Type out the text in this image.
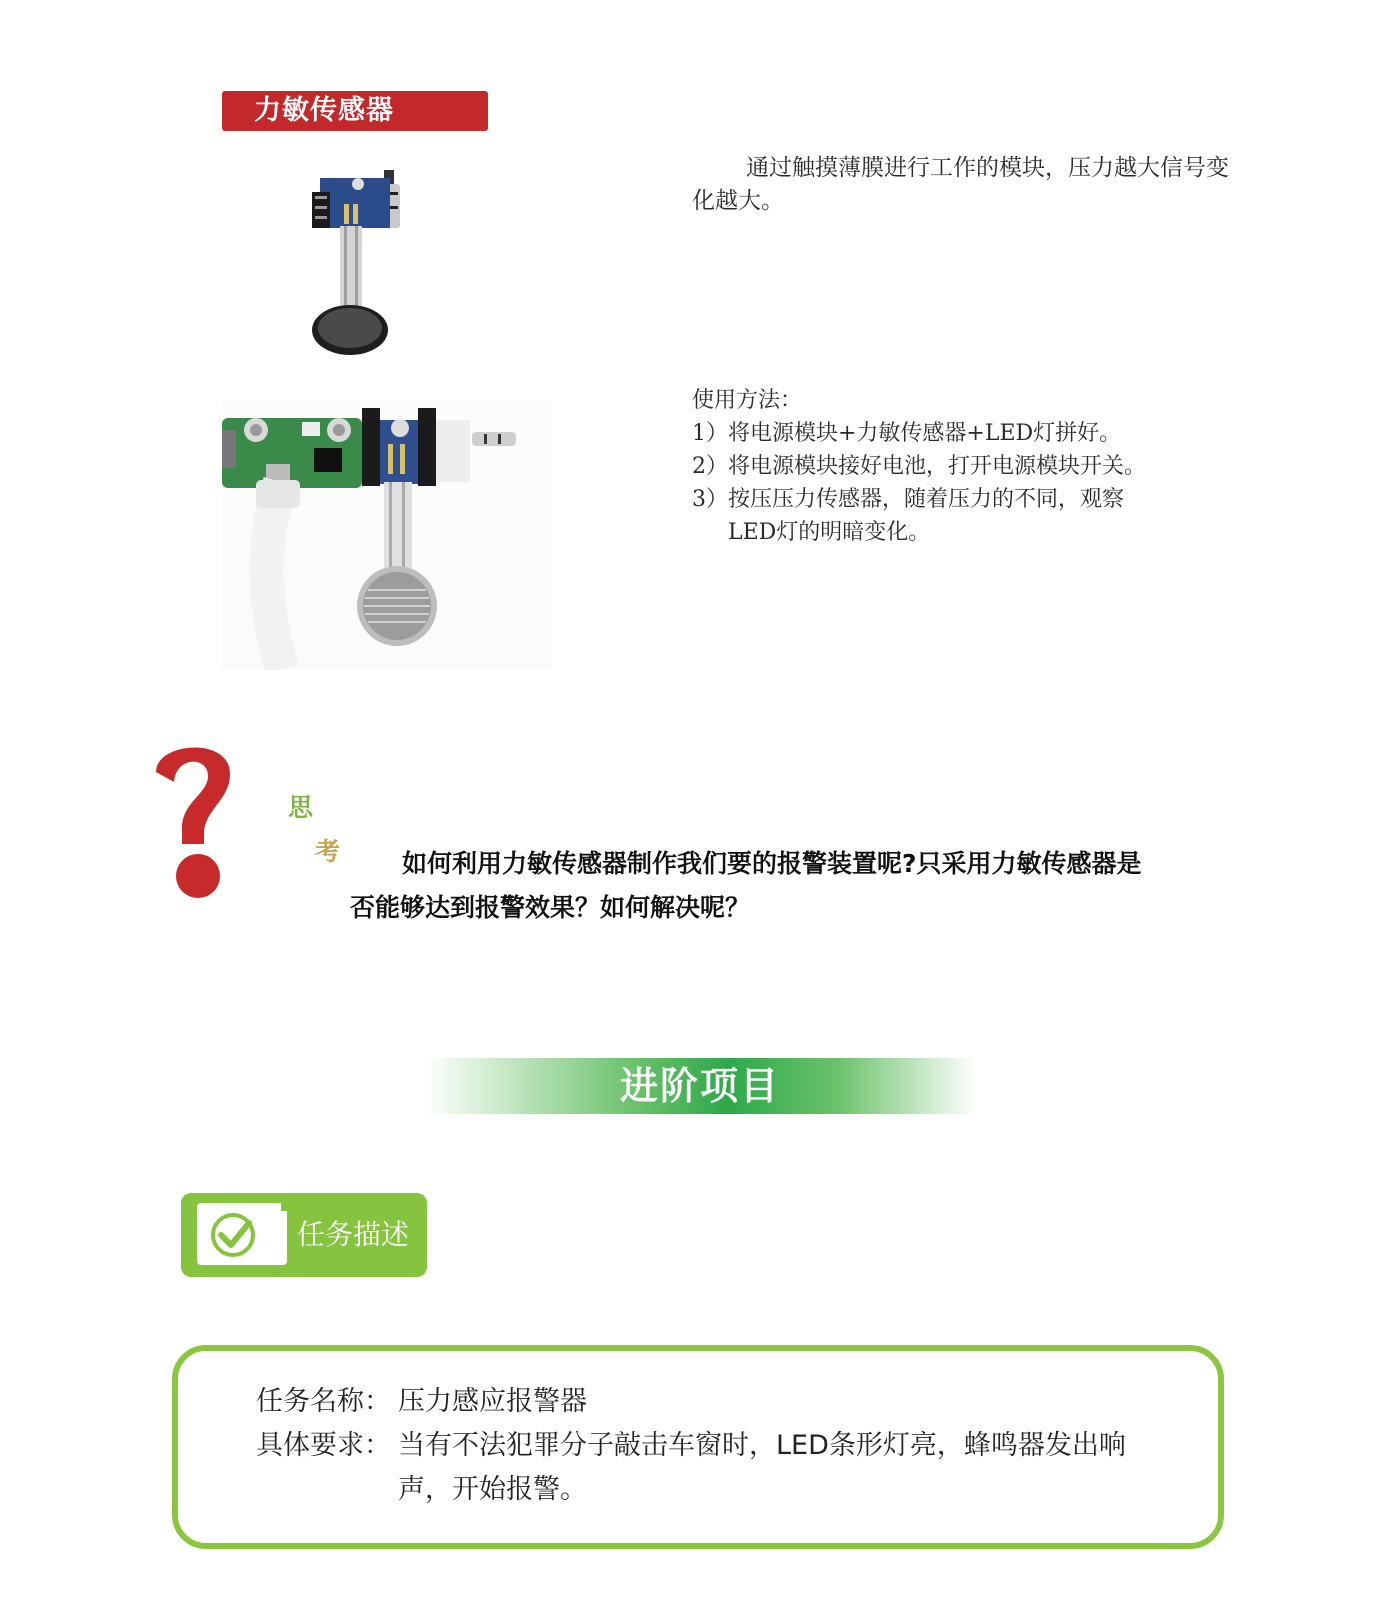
力敏传感器

通过触摸薄膜进行工作的模块，压力越大信号变化越大。

使用方法：
1）将电源模块+力敏传感器+LED灯拼好。
2）将电源模块接好电池，打开电源模块开关。
3）按压压力传感器，随着压力的不同，观察
LED灯的明暗变化。
思
考	如何利用力敏传感器制作我们要的报警装置呢?只采用力敏传感器是
否能够达到报警效果？如何解决呢？
进阶项目
任务描述
任务名称： 压力感应报警器
具体要求： 当有不法犯罪分子敲击车窗时，LED条形灯亮，蜂鸣器发出响声，开始报警。
